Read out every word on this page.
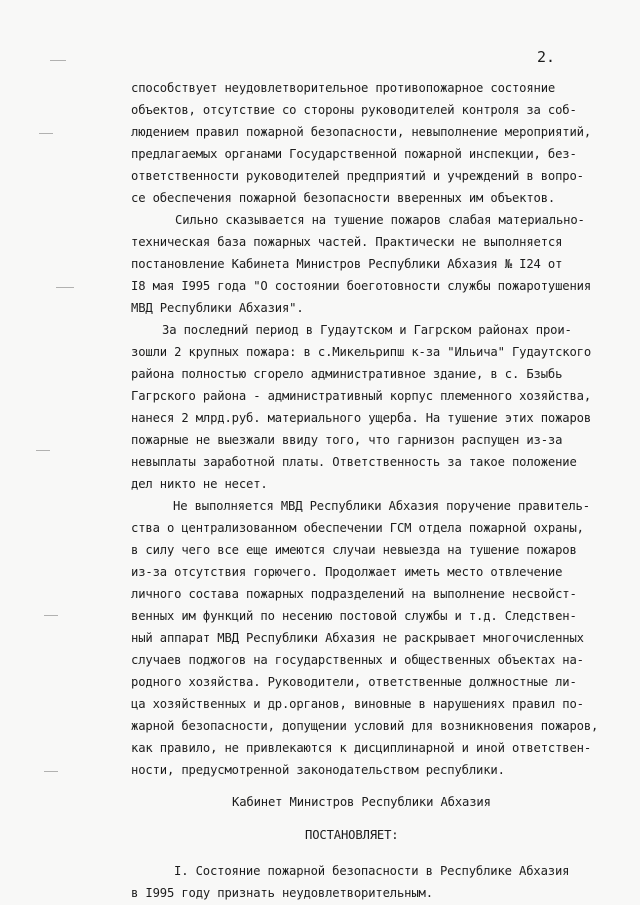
2.
способствует неудовлетворительное противопожарное состояние
объектов, отсутствие со стороны руководителей контроля за соб-
людением правил пожарной безопасности, невыполнение мероприятий,
предлагаемых органами Государственной пожарной инспекции, без-
ответственности руководителей предприятий и учреждений в вопро-
се обеспечения пожарной безопасности вверенных им объектов.
Сильно сказывается на тушение пожаров слабая материально-
техническая база пожарных частей. Практически не выполняется
постановление Кабинета Министров Республики Абхазия № I24 от
I8 мая I995 года "О состоянии боеготовности службы пожаротушения
МВД Республики Абхазия".
За последний период в Гудаутском и Гагрском районах прои-
зошли 2 крупных пожара: в с.Микельрипш к-за "Ильича" Гудаутского
района полностью сгорело административное здание, в с. Бзыбь
Гагрского района - административный корпус племенного хозяйства,
нанеся 2 млрд.руб. материального ущерба. На тушение этих пожаров
пожарные не выезжали ввиду того, что гарнизон распущен из-за
невыплаты заработной платы. Ответственность за такое положение
дел никто не несет.
Не выполняется МВД Республики Абхазия поручение правитель-
ства о централизованном обеспечении ГСМ отдела пожарной охраны,
в силу чего все еще имеются случаи невыезда на тушение пожаров
из-за отсутствия горючего. Продолжает иметь место отвлечение
личного состава пожарных подразделений на выполнение несвойст-
венных им функций по несению постовой службы и т.д. Следствен-
ный аппарат МВД Республики Абхазия не раскрывает многочисленных
случаев поджогов на государственных и общественных объектах на-
родного хозяйства. Руководители, ответственные должностные ли-
ца хозяйственных и др.органов, виновные в нарушениях правил по-
жарной безопасности, допущении условий для возникновения пожаров,
как правило, не привлекаются к дисциплинарной и иной ответствен-
ности, предусмотренной законодательством республики.
Кабинет Министров Республики Абхазия
ПОСТАНОВЛЯЕТ:
I. Состояние пожарной безопасности в Республике Абхазия
в I995 году признать неудовлетворительным.
